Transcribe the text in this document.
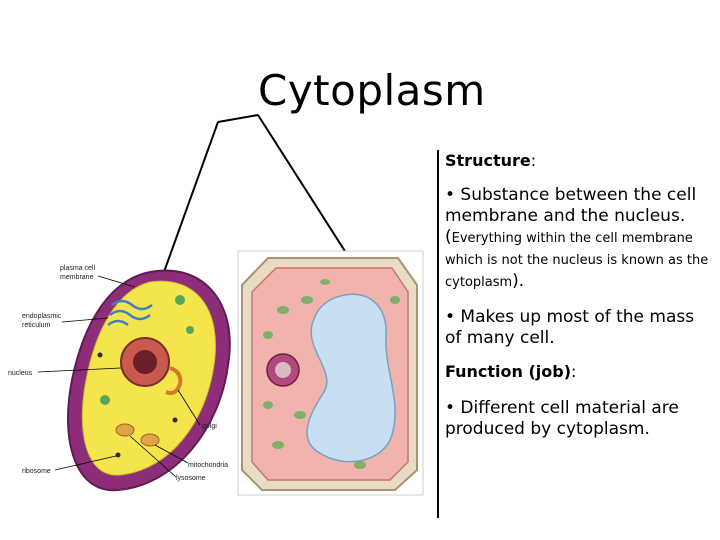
Cytoplasm
plasma cell
membrane
endoplasmic
reticulum
nucleus
golgi
mitochondria
lysosome
ribosome

Structure:

• Substance between the cell membrane and the nucleus.(Everything within the cell membrane which is not the nucleus is known as the cytoplasm).

• Makes up most of the mass of many cell.

Function (job):

• Different cell material are produced by cytoplasm.
